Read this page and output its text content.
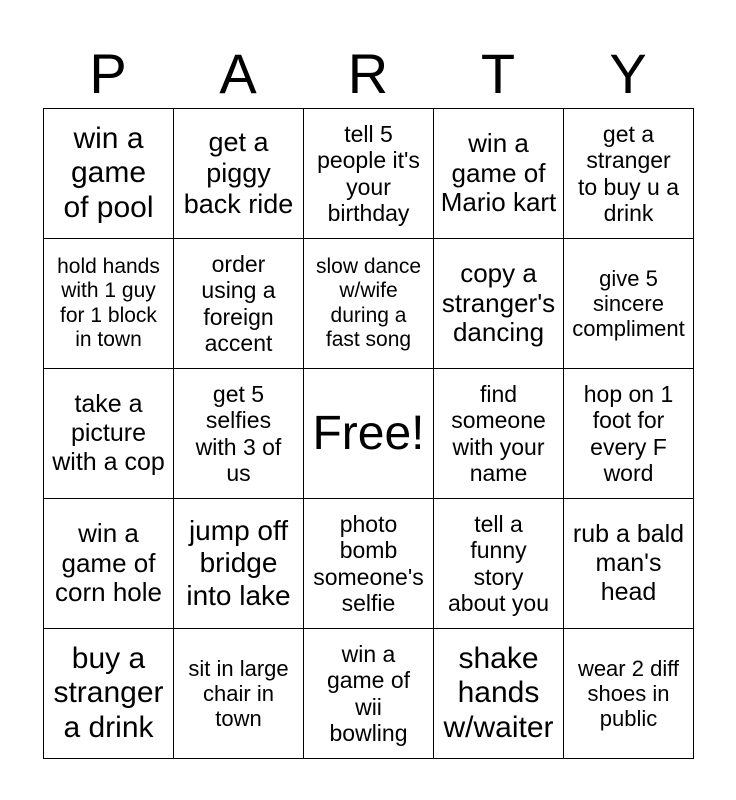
P	A	R	T	Y
win a
game
of pool	get a
piggy
back ride	tell 5
people it's
your
birthday	win a
game of
Mario kart	get a
stranger
to buy u a
drink

hold hands
with 1 guy
for 1 block
in town	order
using a
foreign
accent	slow dance
w/wife
during a
fast song	copy a
stranger's
dancing	give 5
sincere
compliment

take a
picture
with a cop	get 5
selfies
with 3 of
us	Free!	find
someone
with your
name	hop on 1
foot for
every F
word

win a
game of
corn hole	jump off
bridge
into lake	photo
bomb
someone's
selfie	tell a
funny
story
about you	rub a bald
man's
head

buy a
stranger
a drink	sit in large
chair in
town	win a
game of
wii
bowling	shake
hands
w/waiter	wear 2 diff
shoes in
public
